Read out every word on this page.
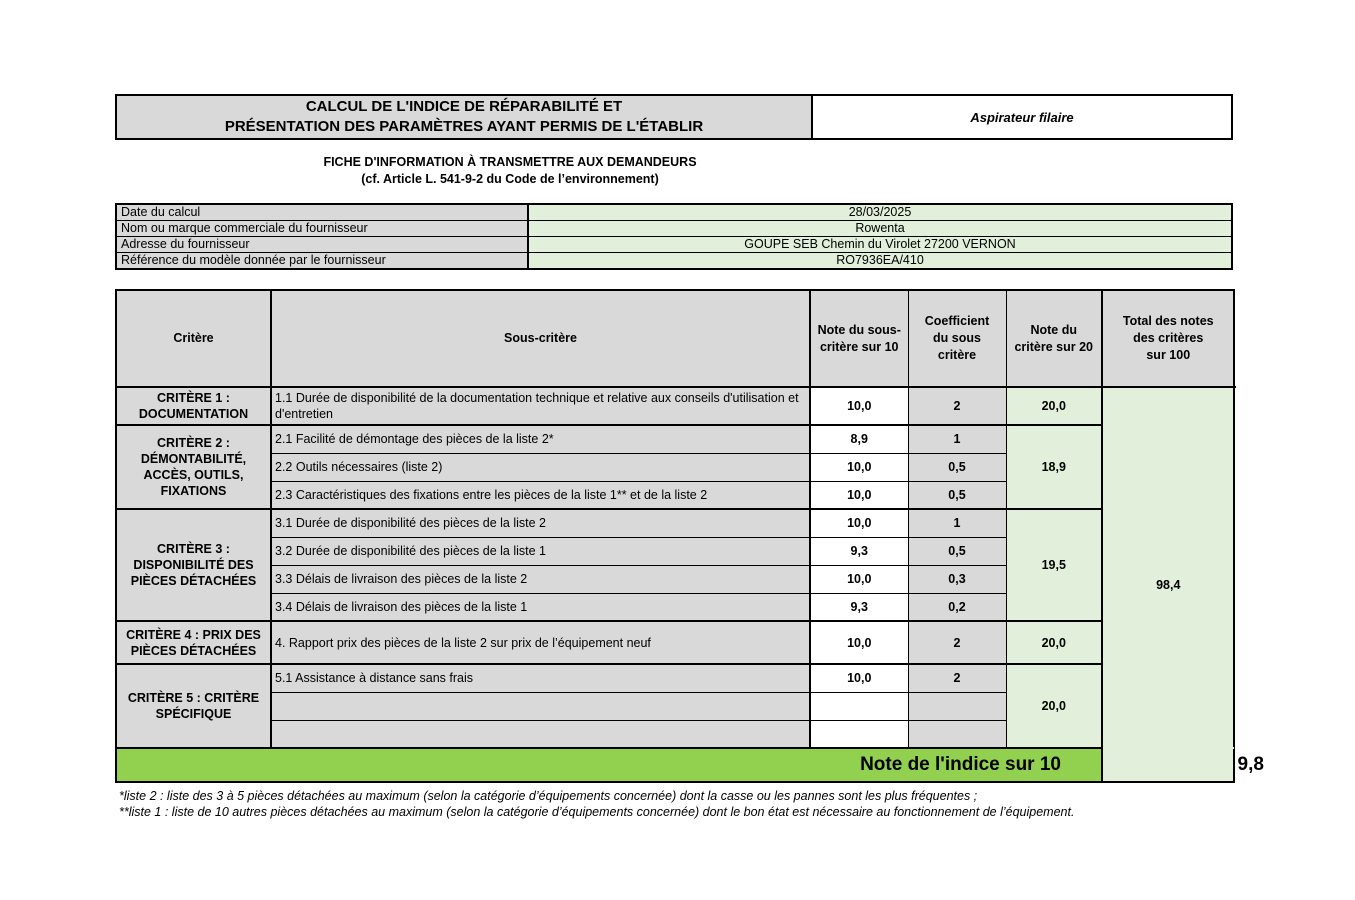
CALCUL DE L'INDICE DE RÉPARABILITÉ ET
PRÉSENTATION DES PARAMÈTRES AYANT PERMIS DE L'ÉTABLIR
Aspirateur filaire
FICHE D'INFORMATION À TRANSMETTRE AUX DEMANDEURS
(cf. Article L. 541-9-2 du Code de l’environnement)
Date du calcul	28/03/2025
Nom ou marque commerciale du fournisseur	Rowenta
Adresse du fournisseur	GOUPE SEB Chemin du Virolet 27200 VERNON
Référence du modèle donnée par le fournisseur	RO7936EA/410
Critère	Sous-critère	Note du sous-
critère sur 10	Coefficient
du sous
critère	Note du
critère sur 20	Total des notes
des critères
sur 100	
CRITÈRE 1 :
DOCUMENTATION	1.1 Durée de disponibilité de la documentation technique et relative aux conseils d'utilisation et d'entretien	10,0	2	20,0	98,4	
CRITÈRE 2 :
DÉMONTABILITÉ,
ACCÈS, OUTILS,
FIXATIONS	2.1 Facilité de démontage des pièces de la liste 2*	8,9	1	18,9		
	2.2 Outils nécessaires (liste 2)	10,0	0,5			
	2.3 Caractéristiques des fixations entre les pièces de la liste 1** et de la liste 2	10,0	0,5			
CRITÈRE 3 :
DISPONIBILITÉ DES
PIÈCES DÉTACHÉES	3.1 Durée de disponibilité des pièces de la liste 2	10,0	1	19,5		
	3.2 Durée de disponibilité des pièces de la liste 1	9,3	0,5			
	3.3 Délais de livraison des pièces de la liste 2	10,0	0,3			
	3.4 Délais de livraison des pièces de la liste 1	9,3	0,2			
CRITÈRE 4 : PRIX DES
PIÈCES DÉTACHÉES	4. Rapport prix des pièces de la liste 2 sur prix de l’équipement neuf	10,0	2	20,0		
CRITÈRE 5 : CRITÈRE
SPÉCIFIQUE	5.1 Assistance à distance sans frais	10,0	2	20,0		

Note de l'indice sur 10						9,8
*liste 2 : liste des 3 à 5 pièces détachées au maximum (selon la catégorie d’équipements concernée) dont la casse ou les pannes sont les plus fréquentes ;
**liste 1 : liste de 10 autres pièces détachées au maximum (selon la catégorie d’équipements concernée) dont le bon état est nécessaire au fonctionnement de l’équipement.
